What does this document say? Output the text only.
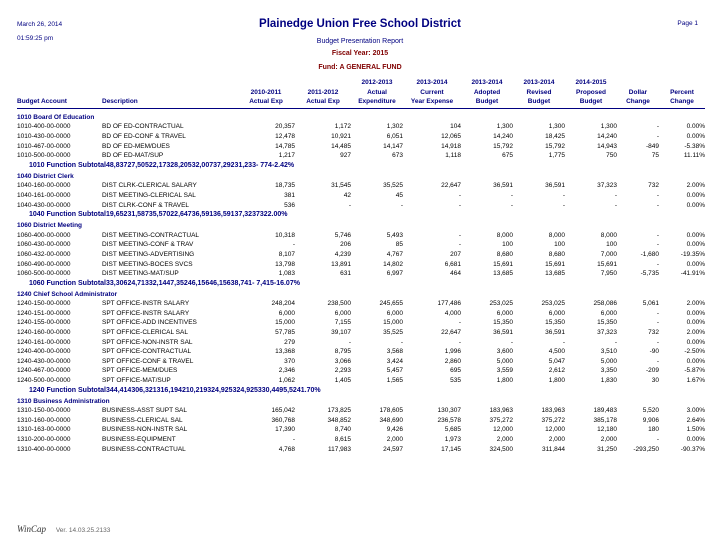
March 26, 2014
01:59:25 pm
Page 1
Plainedge Union Free School District
Budget Presentation Report
Fiscal Year: 2015
Fund: A GENERAL FUND
				2012-2013	2013-2014	2013-2014	2013-2014	2014-2015		
		2010-2011	2011-2012	Actual	Current	Adopted	Revised	Proposed	Dollar	Percent
Budget Account	Description	Actual Exp	Actual Exp	Expenditure	Year Expense	Budget	Budget	Budget	Change	Change
1010 Board Of Education
1010-400-00-0000	BD OF ED-CONTRACTUAL	20,357	1,172	1,302	104	1,300	1,300	1,300	-	0.00%
1010-430-00-0000	BD OF ED-CONF & TRAVEL	12,478	10,921	6,051	12,065	14,240	18,425	14,240	-	0.00%
1010-467-00-0000	BD OF ED-MEM/DUES	14,785	14,485	14,147	14,918	15,792	15,792	14,943	-849	-5.38%
1010-500-00-0000	BD OF ED-MAT/SUP	1,217	927	673	1,118	675	1,775	750	75	11.11%

1010 Function Subtotal	48,837	27,505	22,173	28,205	32,007	37,292	31,233	- 774	-2.42%

1040 District Clerk
1040-160-00-0000	DIST CLRK-CLERICAL SALARY	18,735	31,545	35,525	22,647	36,591	36,591	37,323	732	2.00%
1040-161-00-0000	DIST MEETING-CLERICAL SAL	381	42	45	-	-	-	-	-	0.00%
1040-430-00-0000	DIST CLRK-CONF & TRAVEL	536	-	-	-	-	-	-	-	0.00%

1040 Function Subtotal	19,652	31,587	35,570	22,647	36,591	36,591	37,323	732	2.00%

1060 District Meeting
1060-400-00-0000	DIST MEETING-CONTRACTUAL	10,318	5,746	5,493	-	8,000	8,000	8,000	-	0.00%
1060-430-00-0000	DIST MEETING-CONF & TRAV	-	206	85	-	100	100	100	-	0.00%
1060-432-00-0000	DIST MEETING-ADVERTISING	8,107	4,239	4,767	207	8,680	8,680	7,000	-1,680	-19.35%
1060-490-00-0000	DIST MEETING-BOCES SVCS	13,798	13,891	14,802	6,681	15,691	15,691	15,691	-	0.00%
1060-500-00-0000	DIST MEETING-MAT/SUP	1,083	631	6,997	464	13,685	13,685	7,950	-5,735	-41.91%

1060 Function Subtotal	33,306	24,713	32,144	7,352	46,156	46,156	38,741	- 7,415	-16.07%

1240 Chief School Administrator
1240-150-00-0000	SPT OFFICE-INSTR SALARY	248,204	238,500	245,655	177,486	253,025	253,025	258,086	5,061	2.00%
1240-151-00-0000	SPT OFFICE-INSTR SALARY	6,000	6,000	6,000	4,000	6,000	6,000	6,000	-	0.00%
1240-155-00-0000	SPT OFFICE-ADD INCENTIVES	15,000	7,155	15,000	-	15,350	15,350	15,350	-	0.00%
1240-160-00-0000	SPT OFFICE-CLERICAL SAL	57,785	39,107	35,525	22,647	36,591	36,591	37,323	732	2.00%
1240-161-00-0000	SPT OFFICE-NON-INSTR SAL	279	-	-	-	-	-	-	-	0.00%
1240-400-00-0000	SPT OFFICE-CONTRACTUAL	13,368	8,795	3,568	1,996	3,600	4,500	3,510	-90	-2.50%
1240-430-00-0000	SPT OFFICE-CONF & TRAVEL	370	3,066	3,424	2,860	5,000	5,047	5,000	-	0.00%
1240-467-00-0000	SPT OFFICE-MEM/DUES	2,346	2,293	5,457	695	3,559	2,612	3,350	-209	-5.87%
1240-500-00-0000	SPT OFFICE-MAT/SUP	1,062	1,405	1,565	535	1,800	1,800	1,830	30	1.67%

1240 Function Subtotal	344,414	306,321	316,194	210,219	324,925	324,925	330,449	5,524	1.70%

1310 Business Administration
1310-150-00-0000	BUSINESS-ASST SUPT SAL	165,042	173,825	178,605	130,307	183,963	183,963	189,483	5,520	3.00%
1310-160-00-0000	BUSINESS-CLERICAL SAL	360,768	348,852	348,690	236,578	375,272	375,272	385,178	9,906	2.64%
1310-163-00-0000	BUSINESS-NON-INSTR SAL	17,390	8,740	9,426	5,685	12,000	12,000	12,180	180	1.50%
1310-200-00-0000	BUSINESS-EQUIPMENT	-	8,615	2,000	1,973	2,000	2,000	2,000	-	0.00%
1310-400-00-0000	BUSINESS-CONTRACTUAL	4,768	117,983	24,597	17,145	324,500	311,844	31,250	-293,250	-90.37%

WinCap Ver. 14.03.25.2133
